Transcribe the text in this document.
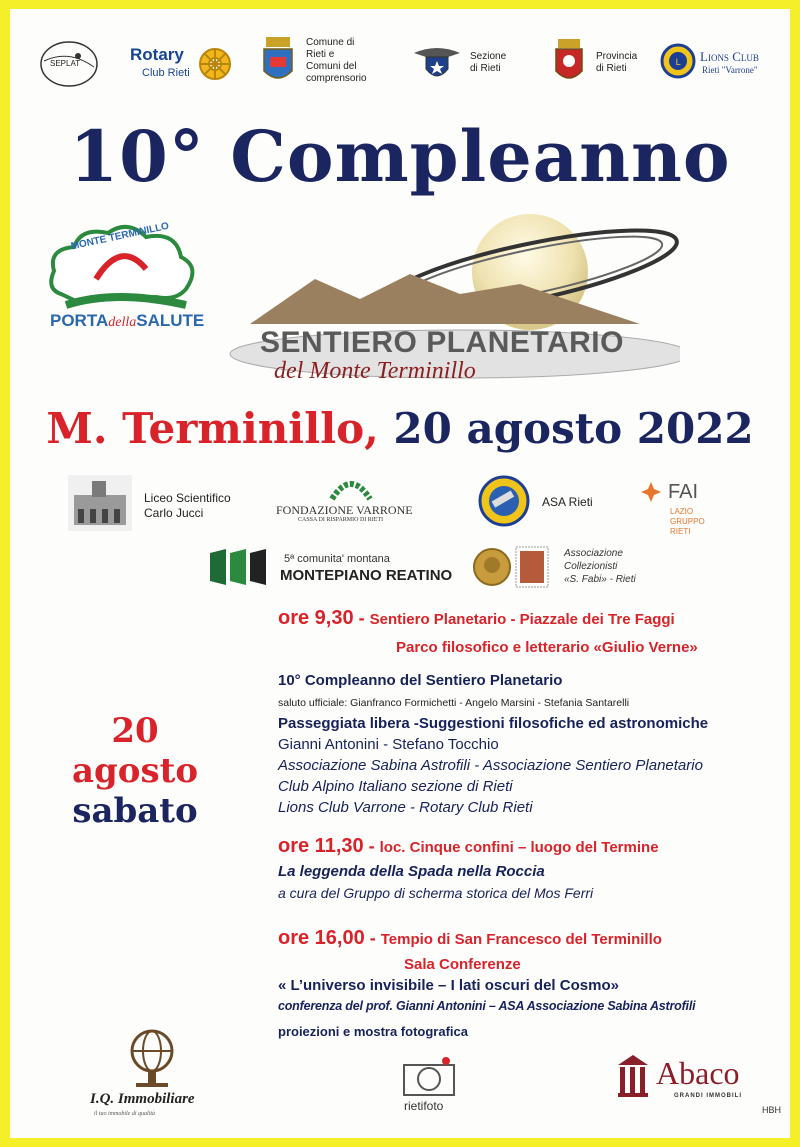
SEPLAT	Rotary
Club Rieti
Comune di
Rieti e
Comuni del
comprensorio
Sezione
di Rieti
Provincia
di Rieti	L Lions Club
Rieti "Varrone"
10° Compleanno
MONTE TERMINILLO
PORTAdellaSALUTE
SENTIERO PLANETARIO
del Monte Terminillo
M. Terminillo, 20 agosto 2022
Liceo Scientifico
Carlo Jucci	FONDAZIONE VARRONE
CASSA DI RISPARMIO DI RIETI
ASA Rieti	FAI
LAZIO
GRUPPO
RIETI
5ª comunita' montana
MONTEPIANO REATINO
Associazione
Collezionisti
«S. Fabi» - Rieti
20
agosto
sabato
ore 9,30 - Sentiero Planetario - Piazzale dei Tre Faggi
Parco filosofico e letterario «Giulio Verne»
10° Compleanno del Sentiero Planetario
saluto ufficiale: Gianfranco Formichetti - Angelo Marsini - Stefania Santarelli
Passeggiata libera -Suggestioni filosofiche ed astronomiche
Gianni Antonini - Stefano Tocchio
Associazione Sabina Astrofili - Associazione Sentiero Planetario
Club Alpino Italiano sezione di Rieti
Lions Club Varrone - Rotary Club Rieti
ore 11,30 - loc. Cinque confini – luogo del Termine
La leggenda della Spada nella Roccia
a cura del Gruppo di scherma storica del Mos Ferri
ore 16,00 - Tempio di San Francesco del Terminillo
Sala Conferenze
« L’universo invisibile – I lati oscuri del Cosmo»
conferenza del prof. Gianni Antonini – ASA Associazione Sabina Astrofili
proiezioni e mostra fotografica
I.Q. Immobiliare
il tuo immobile di qualità
rietifoto
Abaco
GRANDI IMMOBILI
HBH
